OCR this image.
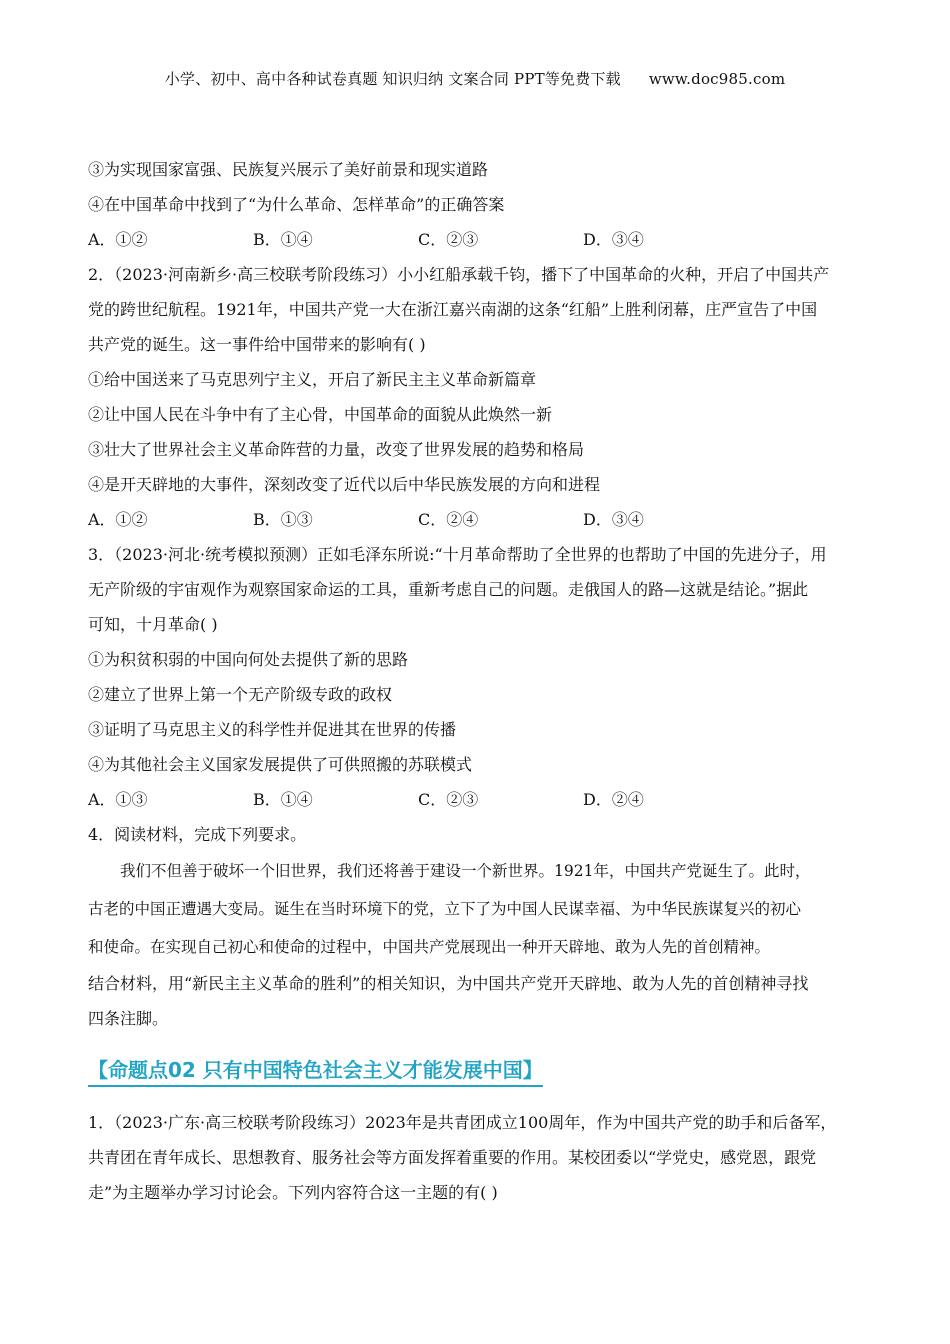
小学、初中、高中各种试卷真题 知识归纳 文案合同 PPT等免费下载 www.doc985.com
③为实现国家富强、民族复兴展示了美好前景和现实道路
④在中国革命中找到了“为什么革命、怎样革命”的正确答案
A．①②	B．①④	C．②③	D．③④
2．（2023·河南新乡·高三校联考阶段练习）小小红船承载千钧，播下了中国革命的火种，开启了中国共产
党的跨世纪航程。1921年，中国共产党一大在浙江嘉兴南湖的这条“红船”上胜利闭幕，庄严宣告了中国
共产党的诞生。这一事件给中国带来的影响有( )
①给中国送来了马克思列宁主义，开启了新民主主义革命新篇章
②让中国人民在斗争中有了主心骨，中国革命的面貌从此焕然一新
③壮大了世界社会主义革命阵营的力量，改变了世界发展的趋势和格局
④是开天辟地的大事件，深刻改变了近代以后中华民族发展的方向和进程
A．①②	B．①③	C．②④	D．③④
3．（2023·河北·统考模拟预测）正如毛泽东所说:“十月革命帮助了全世界的也帮助了中国的先进分子，用
无产阶级的宇宙观作为观察国家命运的工具，重新考虑自己的问题。走俄国人的路—这就是结论。”据此
可知，十月革命( )
①为积贫积弱的中国向何处去提供了新的思路
②建立了世界上第一个无产阶级专政的政权
③证明了马克思主义的科学性并促进其在世界的传播
④为其他社会主义国家发展提供了可供照搬的苏联模式
A．①③	B．①④	C．②③	D．②④
4．阅读材料，完成下列要求。
我们不但善于破坏一个旧世界，我们还将善于建设一个新世界。1921年，中国共产党诞生了。此时，
古老的中国正遭遇大变局。诞生在当时环境下的党，立下了为中国人民谋幸福、为中华民族谋复兴的初心
和使命。在实现自己初心和使命的过程中，中国共产党展现出一种开天辟地、敢为人先的首创精神。
结合材料，用“新民主主义革命的胜利”的相关知识，为中国共产党开天辟地、敢为人先的首创精神寻找
四条注脚。
【命题点02 只有中国特色社会主义才能发展中国】
1．（2023·广东·高三校联考阶段练习）2023年是共青团成立100周年，作为中国共产党的助手和后备军，
共青团在青年成长、思想教育、服务社会等方面发挥着重要的作用。某校团委以“学党史，感党恩，跟党
走”为主题举办学习讨论会。下列内容符合这一主题的有( )
